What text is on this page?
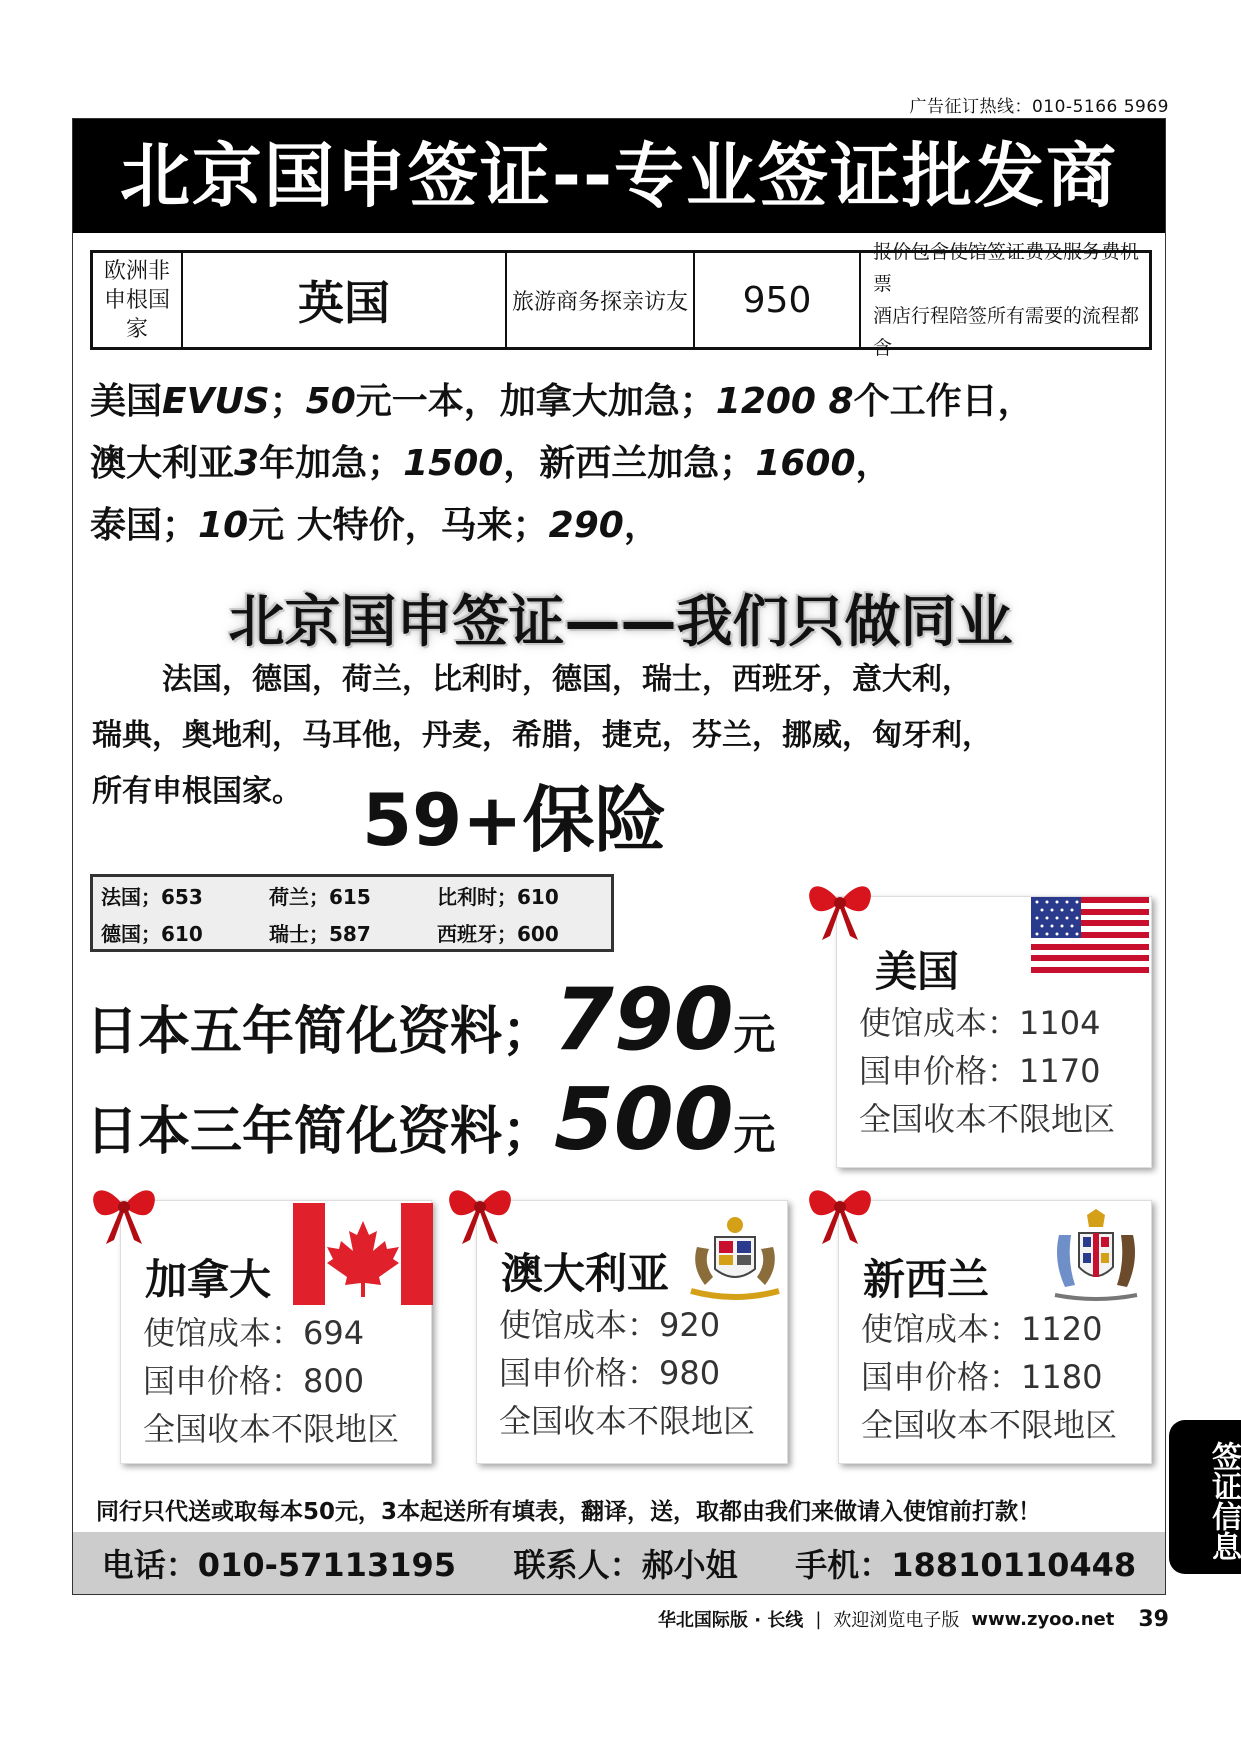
广告征订热线：010-5166 5969
北京国申签证--专业签证批发商
欧洲非申根国家	英国	旅游商务探亲访友	950
报价包含使馆签证费及服务费机票
酒店行程陪签所有需要的流程都含
美国EVUS；50元一本，加拿大加急；1200 8个工作日，
澳大利亚3年加急；1500，新西兰加急；1600，
泰国；10元 大特价，马来；290，
北京国申签证——我们只做同业
法国，德国，荷兰，比利时，德国，瑞士，西班牙，意大利，
瑞典，奥地利，马耳他，丹麦，希腊，捷克，芬兰，挪威，匈牙利，
所有申根国家。 59+保险
法国；653	荷兰；615	比利时；610
德国；610	瑞士；587	西班牙；600
日本五年简化资料；790元
日本三年简化资料；500元
美国
使馆成本：1104
国申价格：1170
全国收本不限地区
加拿大
使馆成本：694
国申价格：800
全国收本不限地区
澳大利亚
使馆成本：920
国申价格：980
全国收本不限地区
新西兰
使馆成本：1120
国申价格：1180
全国收本不限地区
同行只代送或取每本50元，3本起送所有填表，翻译，送，取都由我们来做请入使馆前打款！
电话：010-57113195 联系人：郝小姐 手机：18810110448
签证信息
华北国际版 · 长线 | 欢迎浏览电子版 www.zyoo.net 39
